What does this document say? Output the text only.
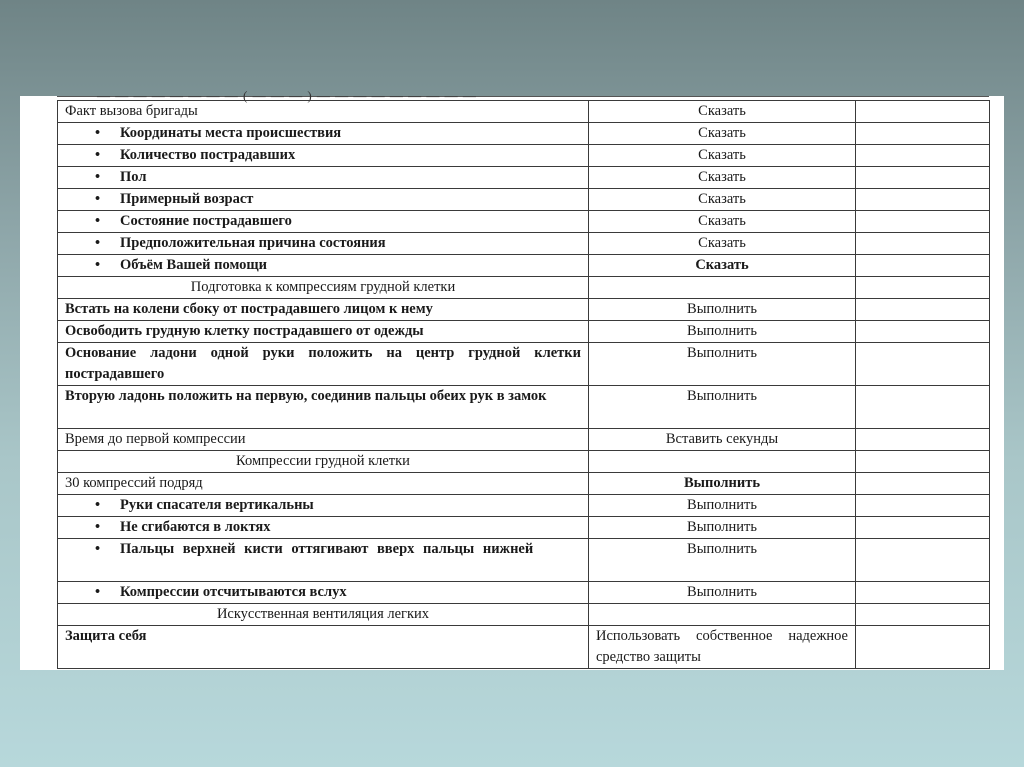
— — — — — — — — ( — — — ) — — — — — — — — —
Факт вызова бригады	Сказать	

• Координаты места происшествия	Сказать	

• Количество пострадавших	Сказать	

• Пол	Сказать	

• Примерный возраст	Сказать	

• Состояние пострадавшего	Сказать	

• Предположительная причина состояния	Сказать	

• Объём Вашей помощи	Сказать	
Подготовка к компрессиям грудной клетки		
Встать на колени сбоку от пострадавшего лицом к нему	Выполнить	
Освободить грудную клетку пострадавшего от одежды	Выполнить	
Основание ладони одной руки положить на центр грудной клетки пострадавшего	Выполнить	
Вторую ладонь положить на первую, соединив пальцы обеих рук в замок	Выполнить	
Время до первой компрессии	Вставить секунды	
Компрессии грудной клетки		
30 компрессий подряд	Выполнить	

• Руки спасателя вертикальны	Выполнить	

• Не сгибаются в локтях	Выполнить	

• Пальцы верхней кисти оттягивают вверх пальцы нижней	Выполнить	

• Компрессии отсчитываются вслух	Выполнить	
Искусственная вентиляция легких		
Защита себя	Использовать собственное надежное средство защиты	
